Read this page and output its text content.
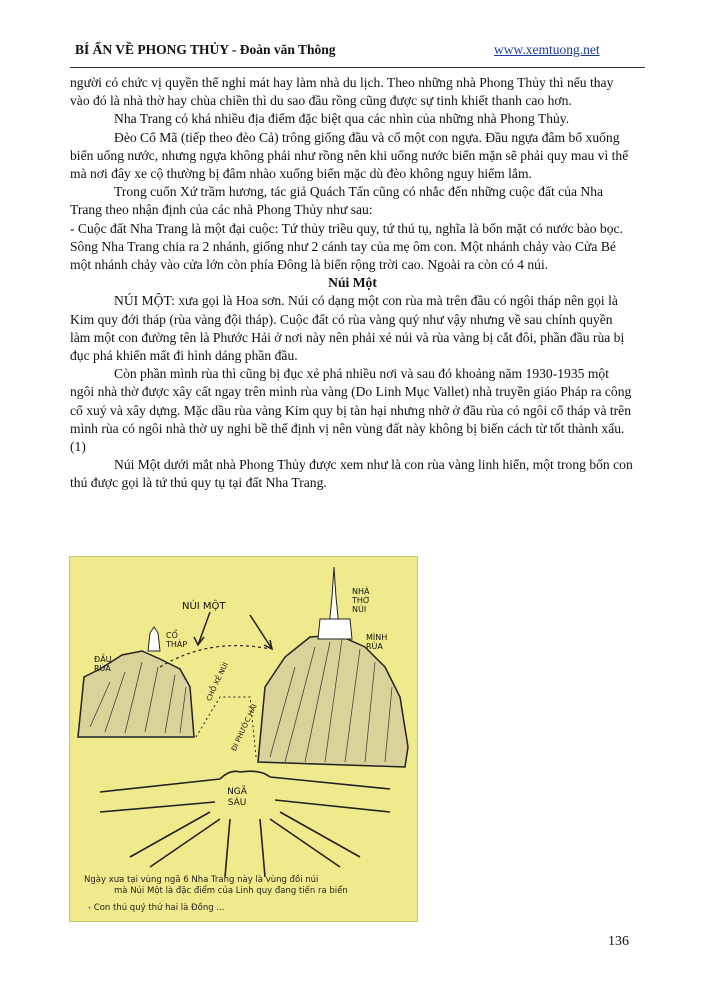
BÍ ẨN VỀ PHONG THỦY - Đoàn văn Thông	www.xemtuong.net

người có chức vị quyền thế nghỉ mát hay làm nhà du lịch. Theo những nhà Phong Thủy thì nếu thay vào đó là nhà thờ hay chùa chiền thì du sao đầu rồng cũng được sự tinh khiết thanh cao hơn.

Nha Trang có khá nhiều địa điểm đặc biệt qua các nhìn của những nhà Phong Thủy.

Đèo Cổ Mã (tiếp theo đèo Cả) trông giống đầu và cổ một con ngựa. Đầu ngựa đâm bổ xuống biển uống nước, nhưng ngựa không phải như rồng nên khi uống nước biển mặn sẽ phải quy mau vì thế mà nơi đây xe cộ thường bị đâm nhào xuống biển mặc dù đèo không nguy hiểm lắm.

Trong cuốn Xứ trầm hương, tác giả Quách Tấn cũng có nhắc đến những cuộc đất của Nha Trang theo nhận định của các nhà Phong Thủy như sau:

- Cuộc đất Nha Trang là một đại cuộc: Tứ thủy triều quy, tứ thú tụ, nghĩa là bốn mặt có nước bào bọc. Sông Nha Trang chia ra 2 nhánh, giống như 2 cánh tay của mẹ ôm con. Một nhánh chảy vào Cửa Bé một nhánh chảy vào cửa lớn còn phía Đông là biển rộng trời cao. Ngoài ra còn có 4 núi.

Núi Một

NÚI MỘT: xưa gọi là Hoa sơn. Núi có dạng một con rùa mà trên đầu có ngôi tháp nên gọi là Kim quy đới tháp (rùa vàng đội tháp). Cuộc đất có rùa vàng quý như vậy nhưng về sau chính quyền làm một con đường tên là Phước Hải ở nơi này nên phải xẻ núi và rùa vàng bị cắt đôi, phần đầu rùa bị đục phá khiến mất đi hình dáng phần đầu.

Còn phần mình rùa thì cũng bị đục xẻ phá nhiều nơi và sau đó khoảng năm 1930-1935 một ngôi nhà thờ được xây cất ngay trên mình rùa vàng (Do Linh Mục Vallet) nhà truyền giáo Pháp ra công cổ xuý và xây dựng. Mặc dầu rùa vàng Kim quy bị tàn hại nhưng nhờ ở đầu rùa có ngôi cổ tháp và trên mình rùa có ngôi nhà thờ uy nghi bề thế định vị nên vùng đất này không bị biến cách từ tốt thành xấu.(1)

Núi Một dưới mắt nhà Phong Thủy được xem như là con rùa vàng linh hiển, một trong bốn con thú được gọi là tứ thú quy tụ tại đất Nha Trang.

NÚI MỘT
CỔ THÁP
ĐẦU RÙA
NHÀ THỜ NÚI
MÌNH RÙA
CHỖ XẺ NÚI
ĐI PHƯỚC HẢI
NGÃ SÁU
Ngày xưa tại vùng ngã 6 Nha Trang này là vùng đồi núi
mà Núi Một là đặc điểm của Linh quy đang tiến ra biển
- Con thú quý thứ hai là Đồng ...
136
